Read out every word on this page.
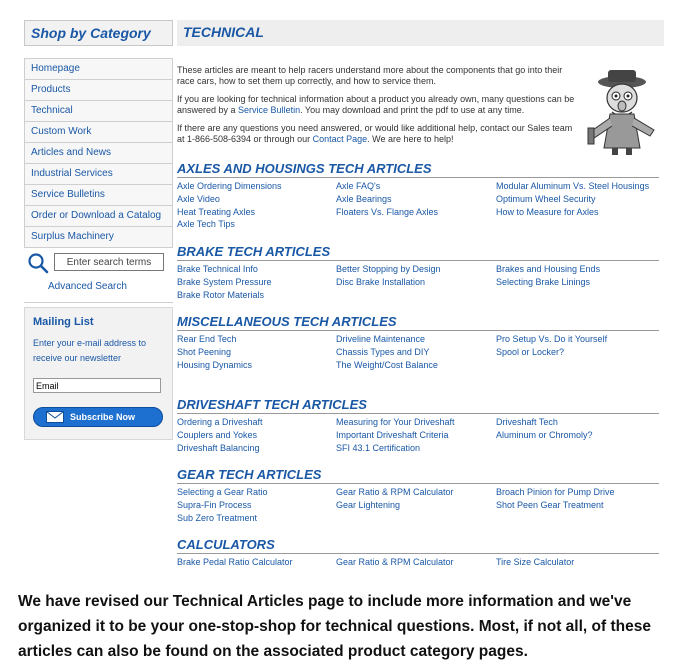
Shop by Category
Homepage
Products
Technical
Custom Work
Articles and News
Industrial Services
Service Bulletins
Order or Download a Catalog
Surplus Machinery
Enter search terms
Advanced Search
Mailing List
Enter your e-mail address to receive our newsletter
Email
Subscribe Now
TECHNICAL

These articles are meant to help racers understand more about the components that go into their race cars, how to set them up correctly, and how to service them.

If you are looking for technical information about a product you already own, many questions can be answered by a Service Bulletin. You may download and print the pdf to use at any time.

If there are any questions you need answered, or would like additional help, contact our Sales team at 1-866-508-6394 or through our Contact Page. We are here to help!

AXLES AND HOUSINGS TECH ARTICLES
Axle Ordering Dimensions	Axle FAQ's	Modular Aluminum Vs. Steel Housings
Axle Video	Axle Bearings	Optimum Wheel Security
Heat Treating Axles	Floaters Vs. Flange Axles	How to Measure for Axles
Axle Tech Tips
BRAKE TECH ARTICLES
Brake Technical Info	Better Stopping by Design	Brakes and Housing Ends
Brake System Pressure	Disc Brake Installation	Selecting Brake Linings
Brake Rotor Materials
MISCELLANEOUS TECH ARTICLES
Rear End Tech	Driveline Maintenance	Pro Setup Vs. Do it Yourself
Shot Peening	Chassis Types and DIY	Spool or Locker?
Housing Dynamics	The Weight/Cost Balance
DRIVESHAFT TECH ARTICLES
Ordering a Driveshaft	Measuring for Your Driveshaft	Driveshaft Tech
Couplers and Yokes	Important Driveshaft Criteria	Aluminum or Chromoly?
Driveshaft Balancing	SFI 43.1 Certification
GEAR TECH ARTICLES
Selecting a Gear Ratio	Gear Ratio & RPM Calculator	Broach Pinion for Pump Drive
Supra-Fin Process	Gear Lightening	Shot Peen Gear Treatment
Sub Zero Treatment
CALCULATORS
Brake Pedal Ratio Calculator	Gear Ratio & RPM Calculator	Tire Size Calculator
We have revised our Technical Articles page to include more information and we've organized it to be your one-stop-shop for technical questions. Most, if not all, of these articles can also be found on the associated product category pages.
